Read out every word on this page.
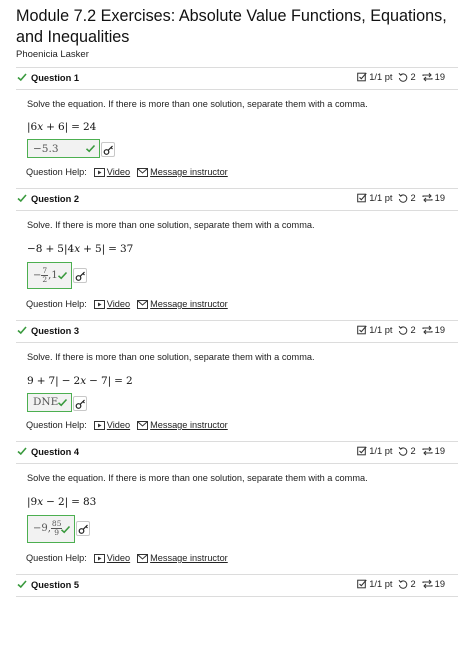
Module 7.2 Exercises: Absolute Value Functions, Equations, and Inequalities
Phoenicia Lasker
Question 1	1/1 pt 2 19
Solve the equation. If there is more than one solution, separate them with a comma.
|6x + 6| = 24
−5.3
Question Help: Video Message instructor
Question 2	1/1 pt 2 19
Solve. If there is more than one solution, separate them with a comma.
−8 + 5|4x + 5| = 37
− $\frac{7}{2} ,1$
Question Help: Video Message instructor
Question 3	1/1 pt 2 19
Solve. If there is more than one solution, separate them with a comma.
9 + 7| − 2x − 7| = 2
DNE
Question Help: Video Message instructor
Question 4	1/1 pt 2 19
Solve the equation. If there is more than one solution, separate them with a comma.
|9x − 2| = 83
−9, $\frac{85}{9}$
Question Help: Video Message instructor
Question 5	1/1 pt 2 19
